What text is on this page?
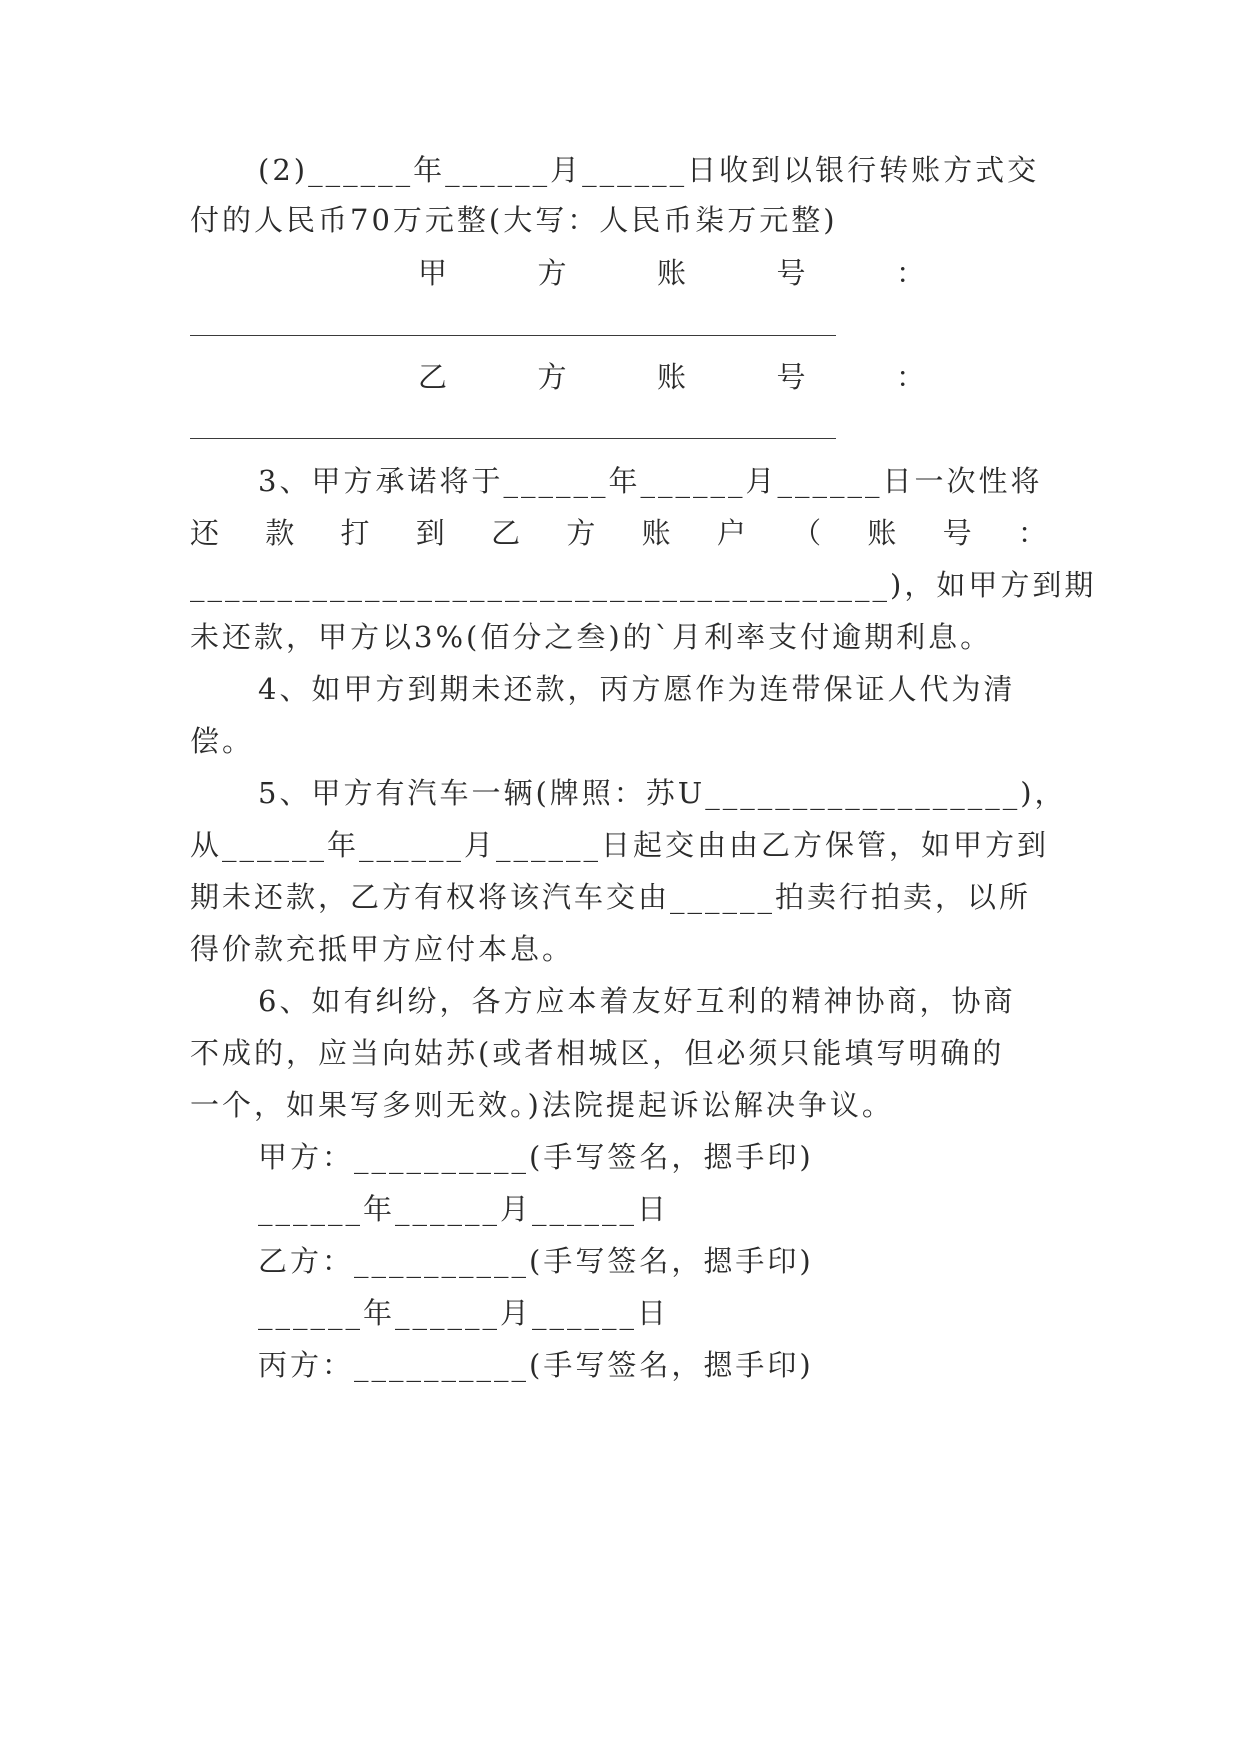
(2)______年______月______日收到以银行转账方式交
付的人民币70万元整(大写：人民币柒万元整)
甲	方	账	号	：
乙	方	账	号	：
3、甲方承诺将于______年______月______日一次性将
还 款 打 到 乙 方 账 户 （ 账 号 ：
________________________________________)，如甲方到期
未还款，甲方以3%(佰分之叁)的`月利率支付逾期利息。
4、如甲方到期未还款，丙方愿作为连带保证人代为清
偿。
5、甲方有汽车一辆(牌照：苏U__________________)，
从______年______月______日起交由由乙方保管，如甲方到
期未还款，乙方有权将该汽车交由______拍卖行拍卖，以所
得价款充抵甲方应付本息。
6、如有纠纷，各方应本着友好互利的精神协商，协商
不成的，应当向姑苏(或者相城区，但必须只能填写明确的
一个，如果写多则无效。)法院提起诉讼解决争议。
甲方：__________(手写签名，摁手印)
______年______月______日
乙方：__________(手写签名，摁手印)
______年______月______日
丙方：__________(手写签名，摁手印)
